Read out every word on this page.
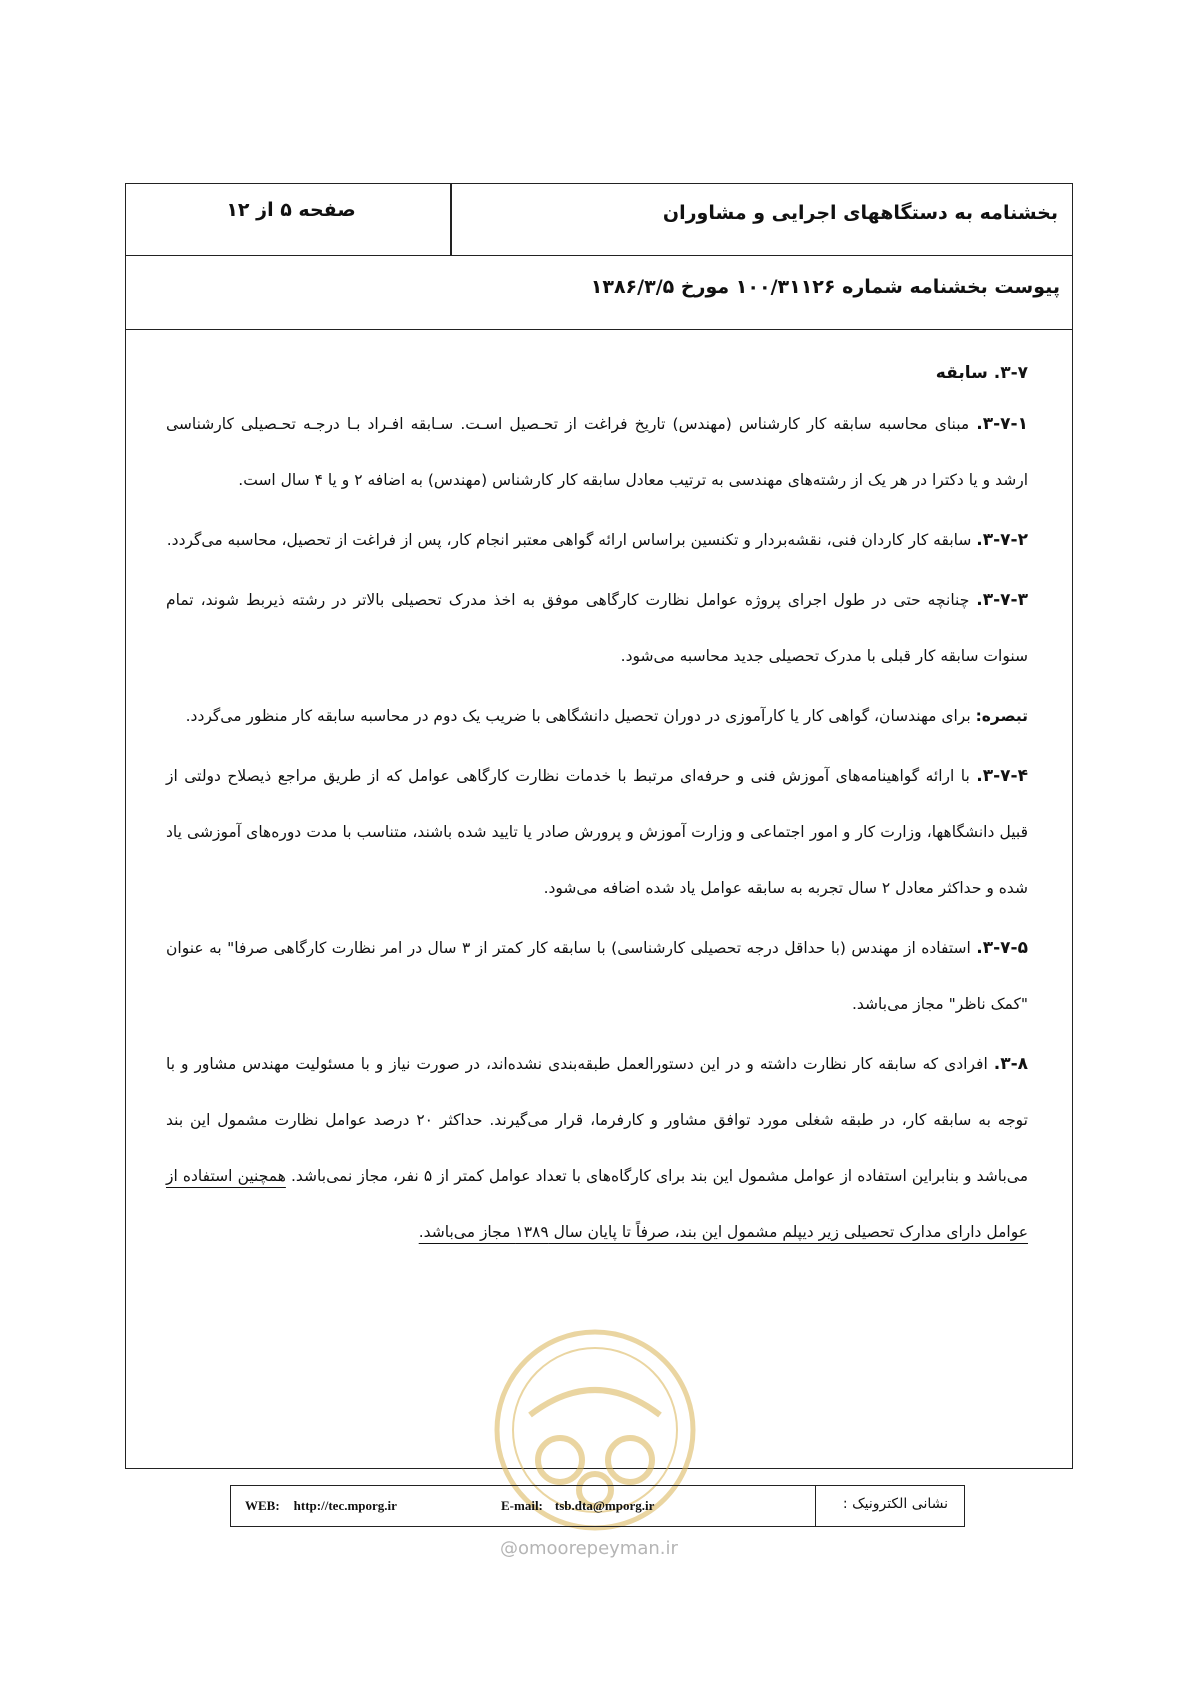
بخشنامه به دستگاههای اجرایی و مشاوران
صفحه ۵ از ۱۲
پیوست بخشنامه شماره ۱۰۰/۳۱۱۲۶ مورخ ۱۳۸۶/۳/۵
۳-۷. سابقه

۳-۷-۱. مبنای محاسبه سابقه کار کارشناس (مهندس) تاریخ فراغت از تحـصیل اسـت. سـابقه افـراد بـا درجـه تحـصیلی کارشناسی ارشد و یا دکترا در هر یک از رشته‌های مهندسی به ترتیب معادل سابقه کار کارشناس (مهندس) به اضافه ۲ و یا ۴ سال است.

۳-۷-۲. سابقه کار کاردان فنی، نقشه‌بردار و تکنسین براساس ارائه گواهی معتبر انجام کار، پس از فراغت از تحصیل، محاسبه می‌گردد.

۳-۷-۳. چنانچه حتی در طول اجرای پروژه عوامل نظارت کارگاهی موفق به اخذ مدرک تحصیلی بالاتر در رشته ذیربط شوند، تمام سنوات سابقه کار قبلی با مدرک تحصیلی جدید محاسبه می‌شود.

تبصره: برای مهندسان، گواهی کار یا کارآموزی در دوران تحصیل دانشگاهی با ضریب یک دوم در محاسبه سابقه کار منظور می‌گردد.

۳-۷-۴. با ارائه گواهینامه‌های آموزش فنی و حرفه‌ای مرتبط با خدمات نظارت کارگاهی عوامل که از طریق مراجع ذیصلاح دولتی از قبیل دانشگاهها، وزارت کار و امور اجتماعی و وزارت آموزش و پرورش صادر یا تایید شده باشند، متناسب با مدت دوره‌های آموزشی یاد شده و حداکثر معادل ۲ سال تجربه به سابقه عوامل یاد شده اضافه می‌شود.

۳-۷-۵. استفاده از مهندس (با حداقل درجه تحصیلی کارشناسی) با سابقه کار کمتر از ۳ سال در امر نظارت کارگاهی صرفا" به عنوان "کمک ناظر" مجاز می‌باشد.

۳-۸. افرادی که سابقه کار نظارت داشته و در این دستورالعمل طبقه‌بندی نشده‌اند، در صورت نیاز و با مسئولیت مهندس مشاور و با توجه به سابقه کار، در طبقه شغلی مورد توافق مشاور و کارفرما، قرار می‌گیرند. حداکثر ۲۰ درصد عوامل نظارت مشمول این بند می‌باشد و بنابراین استفاده از عوامل مشمول این بند برای کارگاه‌های با تعداد عوامل کمتر از ۵ نفر، مجاز نمی‌باشد. همچنین استفاده از عوامل دارای مدارک تحصیلی زیر دیپلم مشمول این بند، صرفاً تا پایان سال ۱۳۸۹ مجاز می‌باشد.

WEB: http://tec.mporg.ir	E-mail: tsb.dta@mporg.ir	نشانی الکترونیک :
@omoorepeyman.ir
